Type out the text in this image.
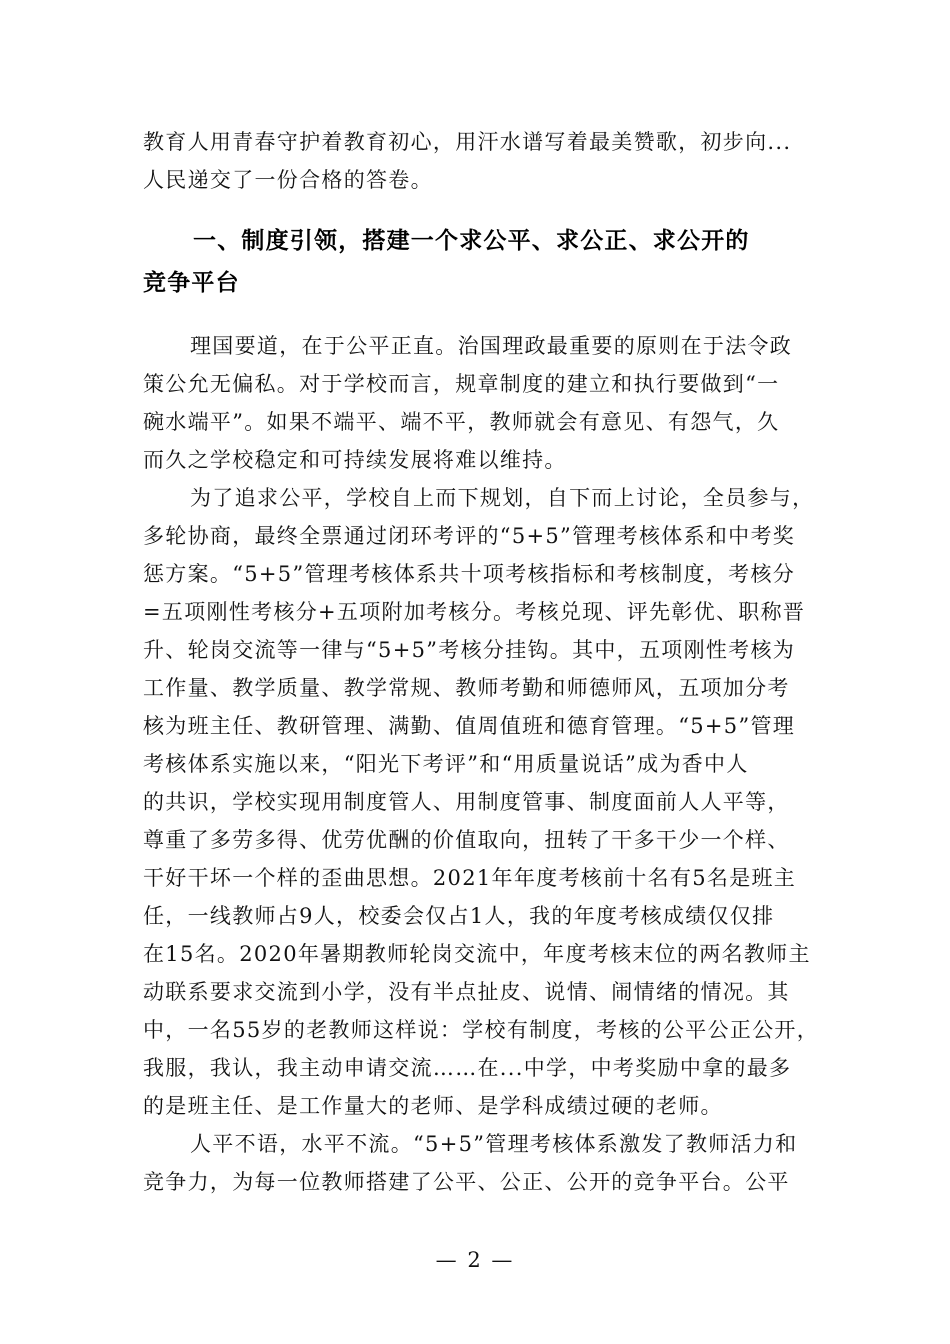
教育人用青春守护着教育初心，用汗水谱写着最美赞歌，初步向...
人民递交了一份合格的答卷。
一、制度引领，搭建一个求公平、求公正、求公开的
竞争平台
理国要道，在于公平正直。治国理政最重要的原则在于法令政
策公允无偏私。对于学校而言，规章制度的建立和执行要做到“一
碗水端平”。如果不端平、端不平，教师就会有意见、有怨气，久
而久之学校稳定和可持续发展将难以维持。
为了追求公平，学校自上而下规划，自下而上讨论，全员参与，
多轮协商，最终全票通过闭环考评的“5+5”管理考核体系和中考奖
惩方案。“5+5”管理考核体系共十项考核指标和考核制度，考核分
=五项刚性考核分+五项附加考核分。考核兑现、评先彰优、职称晋
升、轮岗交流等一律与“5+5”考核分挂钩。其中，五项刚性考核为
工作量、教学质量、教学常规、教师考勤和师德师风，五项加分考
核为班主任、教研管理、满勤、值周值班和德育管理。“5+5”管理
考核体系实施以来，“阳光下考评”和“用质量说话”成为香中人
的共识，学校实现用制度管人、用制度管事、制度面前人人平等，
尊重了多劳多得、优劳优酬的价值取向，扭转了干多干少一个样、
干好干坏一个样的歪曲思想。2021年年度考核前十名有5名是班主
任，一线教师占9人，校委会仅占1人，我的年度考核成绩仅仅排
在15名。2020年暑期教师轮岗交流中，年度考核末位的两名教师主
动联系要求交流到小学，没有半点扯皮、说情、闹情绪的情况。其
中，一名55岁的老教师这样说：学校有制度，考核的公平公正公开，
我服，我认，我主动申请交流……在...中学，中考奖励中拿的最多
的是班主任、是工作量大的老师、是学科成绩过硬的老师。
人平不语，水平不流。“5+5”管理考核体系激发了教师活力和
竞争力，为每一位教师搭建了公平、公正、公开的竞争平台。公平
— 2 —
